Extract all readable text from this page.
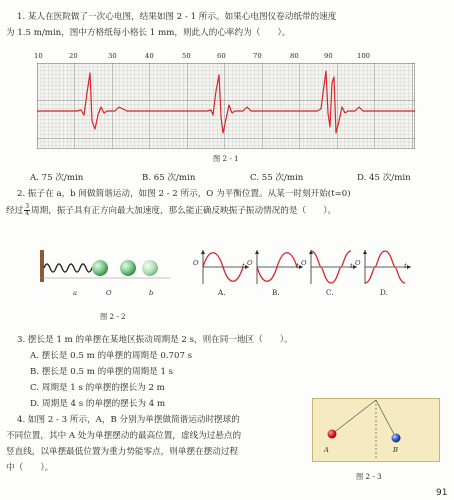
1. 某人在医院做了一次心电图，结果如图 2 - 1 所示。如果心电图仪卷动纸带的速度
为 1.5 m/min，图中方格纸每小格长 1 mm，则此人的心率约为（　　）。
10	20	30	40	50	60	70	80	90	100
图 2 - 1
A. 75 次/min	B. 65 次/min	C. 55 次/min	D. 45 次/min
2. 振子在 a，b 间做简谐运动，如图 2 - 2 所示，O 为平衡位置。从某一时刻开始(t=0)
经过 $\frac{3}{4}$ 周期，振子具有正方向最大加速度，那么能正确反映振子振动情况的是（　　）。
a	O	b
O	t
A.
O	t
B.
O	t
C.
O	t
D.
图 2 - 2
3. 摆长是 1 m 的单摆在某地区振动周期是 2 s，则在同一地区（　　）。
A. 摆长是 0.5 m 的单摆的周期是 0.707 s
B. 摆长是 0.5 m 的单摆的周期是 1 s
C. 周期是 1 s 的单摆的摆长为 2 m
D. 周期是 4 s 的单摆的摆长为 4 m
4. 如图 2 - 3 所示，A，B 分别为单摆做简谐运动时摆球的
不同位置，其中 A 处为单摆摆动的最高位置，虚线为过悬点的
竖直线，以单摆最低位置为重力势能零点，则单摆在摆动过程
中（　　）。
A	B
图 2 - 3
91
